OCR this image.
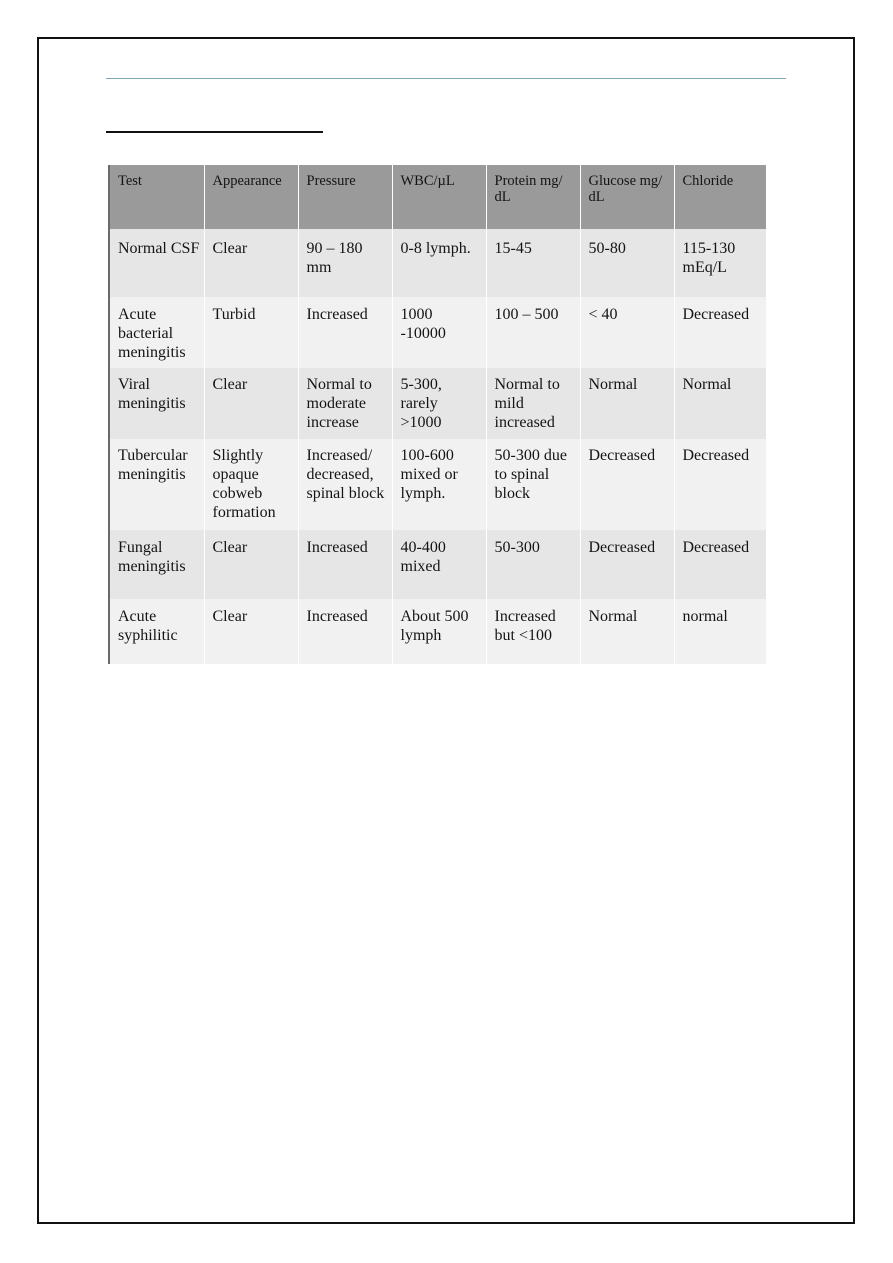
Test	Appearance	Pressure	WBC/µL	Protein mg/ dL	Glucose mg/ dL	Chloride
Normal CSF	Clear	90 – 180 mm	0-8 lymph.	15-45	50-80	115-130 mEq/L
Acute bacterial meningitis	Turbid	Increased	1000 -10000	100 – 500	< 40	Decreased
Viral meningitis	Clear	Normal to moderate increase	5-300, rarely >1000	Normal to mild increased	Normal	Normal
Tubercular meningitis	Slightly opaque cobweb formation	Increased/ decreased, spinal block	100-600 mixed or lymph.	50-300 due to spinal block	Decreased	Decreased
Fungal meningitis	Clear	Increased	40-400 mixed	50-300	Decreased	Decreased
Acute syphilitic	Clear	Increased	About 500 lymph	Increased but <100	Normal	normal
